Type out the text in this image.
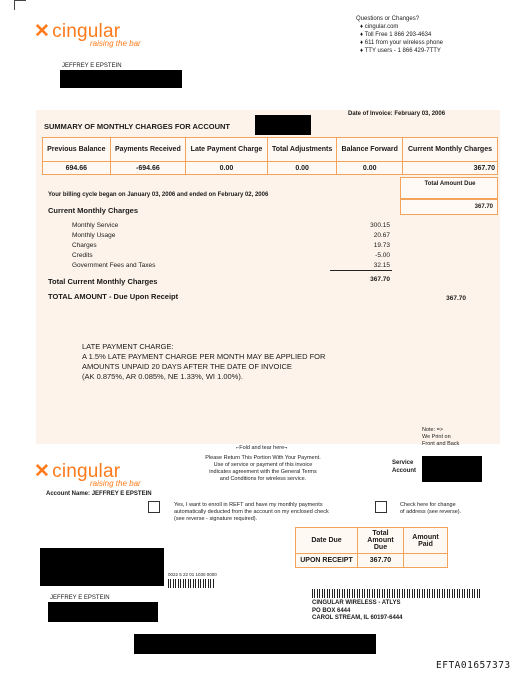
✕ cingular
raising the bar
Questions or Changes?
♦ cingular.com
♦ Toll Free 1 866 293-4634
♦ 611 from your wireless phone
♦ TTY users - 1 866 429-7TTY
JEFFREY E EPSTEIN
Date of Invoice: February 03, 2006
SUMMARY OF MONTHLY CHARGES FOR ACCOUNT
Previous Balance	Payments Received	Late Payment Charge	Total Adjustments	Balance Forward	Current Monthly Charges
694.66	-694.66	0.00	0.00	0.00	367.70
Total Amount Due
367.70
Your billing cycle began on January 03, 2006 and ended on February 02, 2006
Current Monthly Charges
Monthly Service	300.15
Monthly Usage	20.67
Charges	19.73
Credits	-5.00
Government Fees and Taxes	32.15
Total Current Monthly Charges	367.70
TOTAL AMOUNT - Due Upon Receipt	367.70
LATE PAYMENT CHARGE:
A 1.5% LATE PAYMENT CHARGE PER MONTH MAY BE APPLIED FOR
AMOUNTS UNPAID 20 DAYS AFTER THE DATE OF INVOICE
(AK 0.875%, AR 0.085%, NE 1.33%, WI 1.00%).
Note: =>
We Print on
Front and Back
⌐Fold and tear here¬
✕ cingular
raising the bar
Please Return This Portion With Your Payment.
Use of service or payment of this invoice
indicates agreement with the General Terms
and Conditions for wireless service.
Service
Account
Account Name: JEFFREY E EPSTEIN
Yes, I want to enroll in REFT and have my monthly payments
automatically deducted from the account on my enclosed check
(see reverse - signature required).
Check here for change
of address (see reverse).
Date Due	Total Amount Due	Amount Paid
UPON RECEIPT	367.70	
0022 5 22 01 1030 0000
JEFFREY E EPSTEIN
CINGULAR WIRELESS - ATLYS
PO BOX 6444
CAROL STREAM, IL 60197-6444
EFTA01657373
